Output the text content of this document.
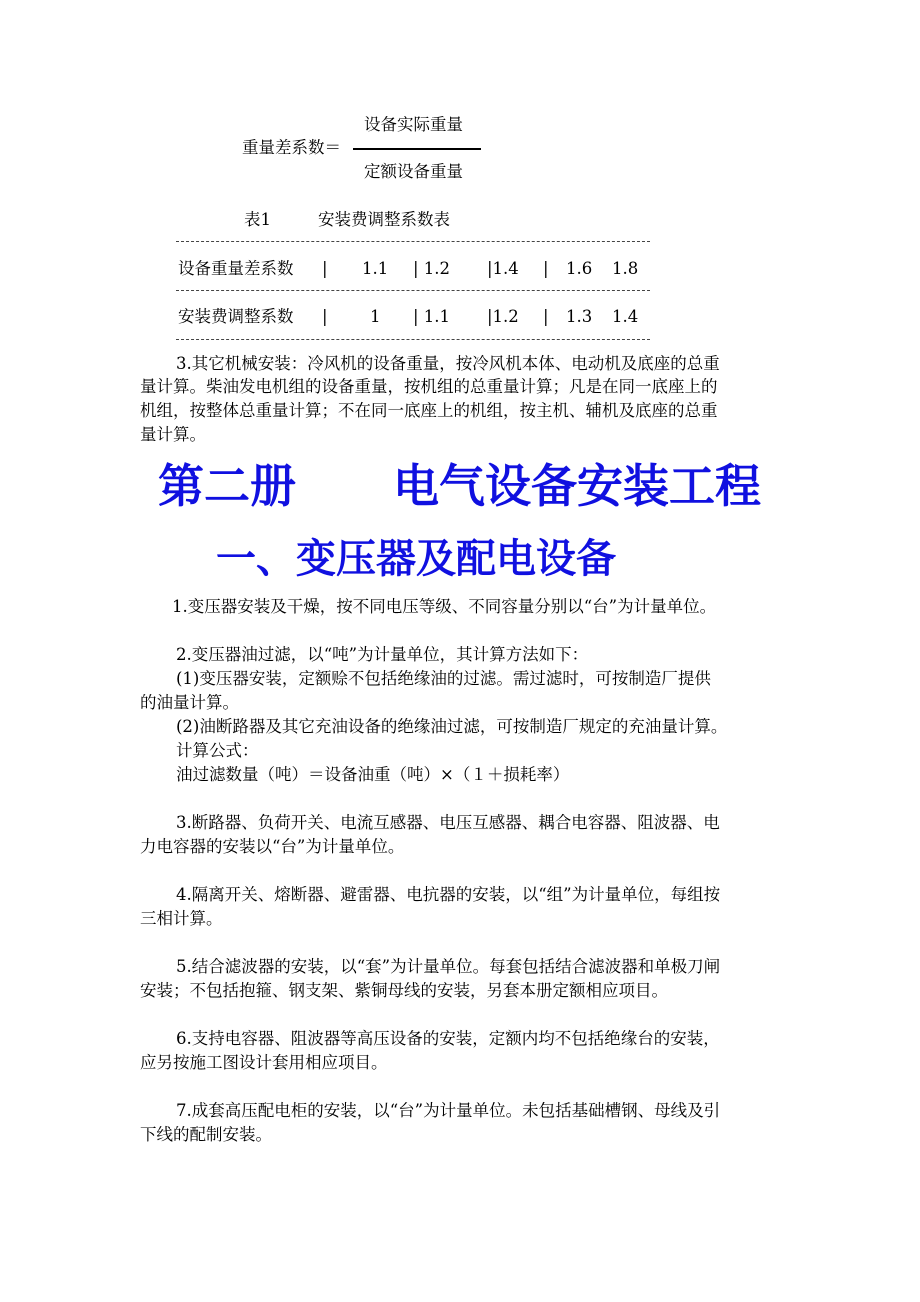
设备实际重量
重量差系数＝
定额设备重量
表1	安装费调整系数表
设备重量差系数 | 1.1 | 1.2 |1.4 | 1.6 1.8
安装费调整系数 |	1 | 1.1 |1.2 | 1.3 1.4
3.其它机械安装：冷风机的设备重量，按冷风机本体、电动机及底座的总重
量计算。柴油发电机组的设备重量，按机组的总重量计算；凡是在同一底座上的
机组，按整体总重量计算；不在同一底座上的机组，按主机、辅机及底座的总重
量计算。
第二册 电气设备安装工程
一、变压器及配电设备
1.变压器安装及干燥，按不同电压等级、不同容量分别以“台”为计量单位。
2.变压器油过滤，以“吨”为计量单位，其计算方法如下：
(1)变压器安装，定额赊不包括绝缘油的过滤。需过滤时，可按制造厂提供
的油量计算。
(2)油断路器及其它充油设备的绝缘油过滤，可按制造厂规定的充油量计算。
计算公式：
油过滤数量（吨）＝设备油重（吨）×（１＋损耗率）
3.断路器、负荷开关、电流互感器、电压互感器、耦合电容器、阻波器、电
力电容器的安装以“台”为计量单位。
4.隔离开关、熔断器、避雷器、电抗器的安装，以“组”为计量单位，每组按
三相计算。
5.结合滤波器的安装，以“套”为计量单位。每套包括结合滤波器和单极刀闸
安装；不包括抱箍、钢支架、紫铜母线的安装，另套本册定额相应项目。
6.支持电容器、阻波器等高压设备的安装，定额内均不包括绝缘台的安装，
应另按施工图设计套用相应项目。
7.成套高压配电柜的安装，以“台”为计量单位。未包括基础槽钢、母线及引
下线的配制安装。
